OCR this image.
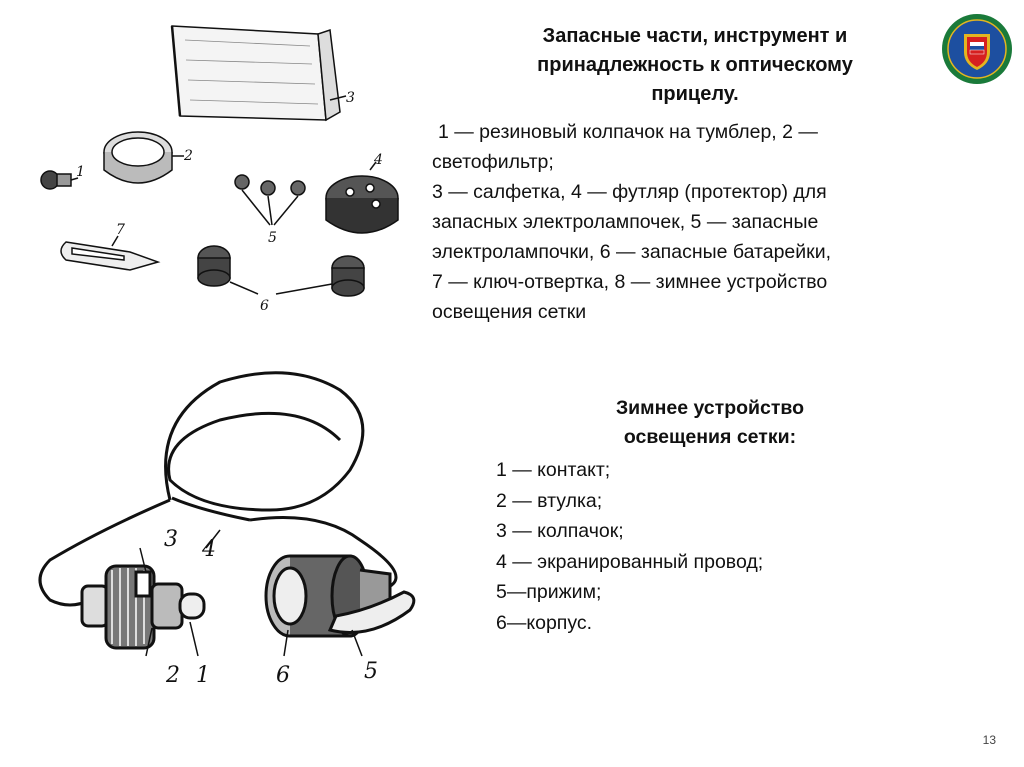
Запасные части, инструмент и
принадлежность к оптическому
прицелу.
1 — резиновый колпачок на тумблер, 2 —
светофильтр;
3 — салфетка, 4 — футляр (протектор) для
запасных электролампочек, 5 — запасные
электролампочки, 6 — запасные батарейки,
7 — ключ-отвертка, 8 — зимнее устройство
освещения сетки
Зимнее устройство
освещения сетки:
1 — контакт;
2 — втулка;
3 — колпачок;
4 — экранированный провод;
5—прижим;
6—корпус.
1
2
3
4
5
6
7
1
2
3 4
5
6
13
